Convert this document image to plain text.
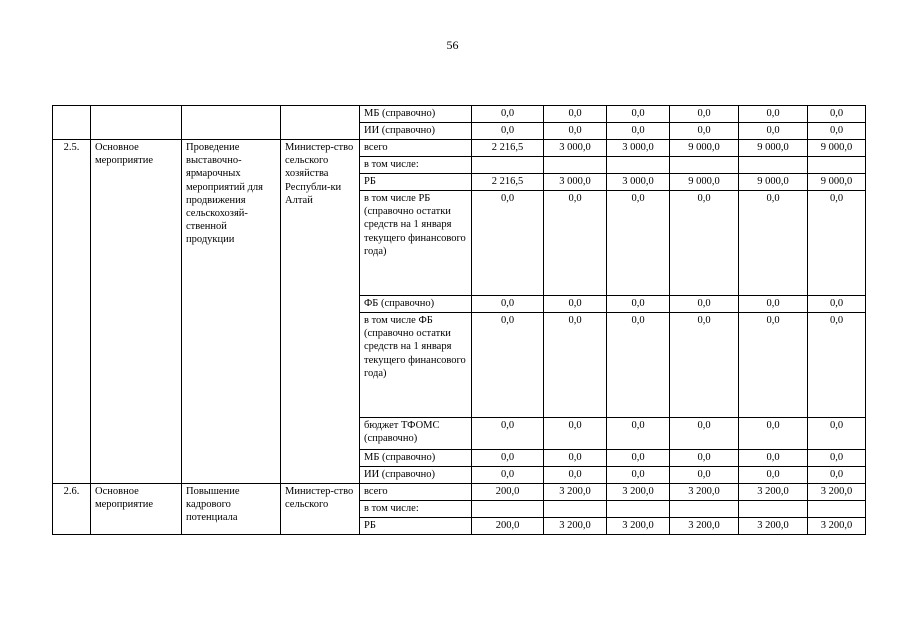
56
				МБ (справочно)	0,0	0,0	0,0	0,0	0,0	0,0
				ИИ (справочно)	0,0	0,0	0,0	0,0	0,0	0,0
2.5.	Основное мероприятие	Проведение выставочно-ярмарочных мероприятий для продвижения сельскохозяй-ственной продукции	Министер-ство сельского хозяйства Республи-ки Алтай	всего	2 216,5	3 000,0	3 000,0	9 000,0	9 000,0	9 000,0
				в том числе:						
				РБ	2 216,5	3 000,0	3 000,0	9 000,0	9 000,0	9 000,0
				в том числе РБ (справочно остатки средств на 1 января текущего финансового года)	0,0	0,0	0,0	0,0	0,0	0,0
				ФБ (справочно)	0,0	0,0	0,0	0,0	0,0	0,0
				в том числе ФБ (справочно остатки средств на 1 января текущего финансового года)	0,0	0,0	0,0	0,0	0,0	0,0
				бюджет ТФОМС (справочно)	0,0	0,0	0,0	0,0	0,0	0,0
				МБ (справочно)	0,0	0,0	0,0	0,0	0,0	0,0
				ИИ (справочно)	0,0	0,0	0,0	0,0	0,0	0,0
2.6.	Основное мероприятие	Повышение кадрового потенциала	Министер-ство сельского	всего	200,0	3 200,0	3 200,0	3 200,0	3 200,0	3 200,0
				в том числе:						
				РБ	200,0	3 200,0	3 200,0	3 200,0	3 200,0	3 200,0
